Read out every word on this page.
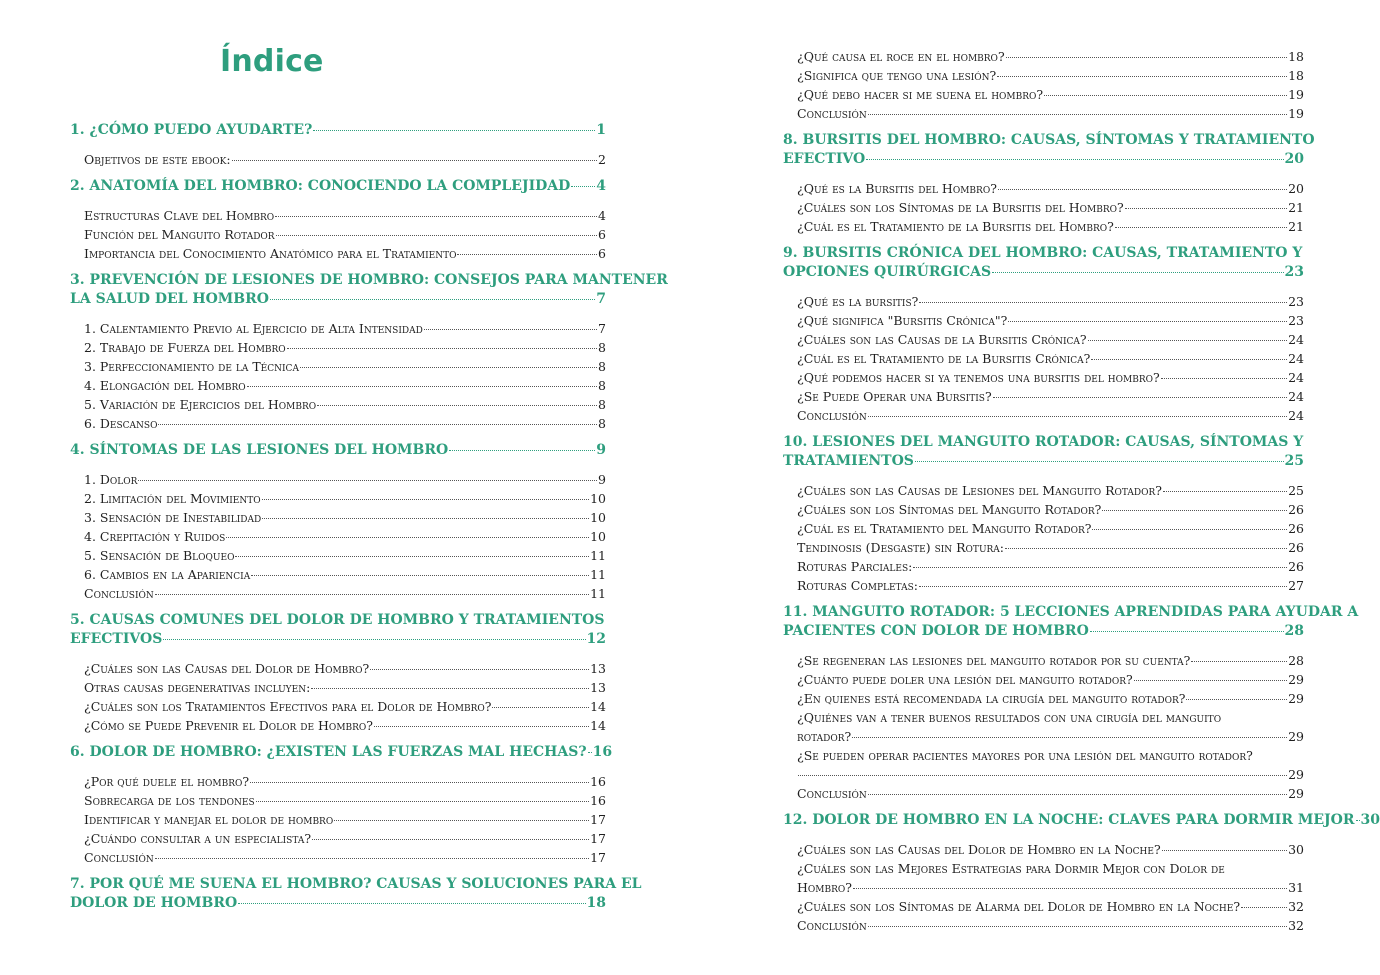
Índice
1. ¿CÓMO PUEDO AYUDARTE?	1
Objetivos de este ebook:	2
2. ANATOMÍA DEL HOMBRO: CONOCIENDO LA COMPLEJIDAD 4
Estructuras Clave del Hombro	4
Función del Manguito Rotador	6
Importancia del Conocimiento Anatómico para el Tratamiento	6
3. PREVENCIÓN DE LESIONES DE HOMBRO: CONSEJOS PARA MANTENER
LA SALUD DEL HOMBRO	7
1. Calentamiento Previo al Ejercicio de Alta Intensidad	7
2. Trabajo de Fuerza del Hombro	8
3. Perfeccionamiento de la Técnica	8
4. Elongación del Hombro	8
5. Variación de Ejercicios del Hombro	8
6. Descanso	8
4. SÍNTOMAS DE LAS LESIONES DEL HOMBRO	9
1. Dolor	9
2. Limitación del Movimiento	10
3. Sensación de Inestabilidad	10
4. Crepitación y Ruidos	10
5. Sensación de Bloqueo	11
6. Cambios en la Apariencia	11
Conclusión	11
5. CAUSAS COMUNES DEL DOLOR DE HOMBRO Y TRATAMIENTOS
EFECTIVOS	12
¿Cuáles son las Causas del Dolor de Hombro?	13
Otras causas degenerativas incluyen:	13
¿Cuáles son los Tratamientos Efectivos para el Dolor de Hombro?	14
¿Cómo se Puede Prevenir el Dolor de Hombro?	14
6. DOLOR DE HOMBRO: ¿EXISTEN LAS FUERZAS MAL HECHAS? 16
¿Por qué duele el hombro?	16
Sobrecarga de los tendones	16
Identificar y manejar el dolor de hombro	17
¿Cuándo consultar a un especialista?	17
Conclusión	17
7. POR QUÉ ME SUENA EL HOMBRO? CAUSAS Y SOLUCIONES PARA EL
DOLOR DE HOMBRO	18
¿Qué causa el roce en el hombro?	18
¿Significa que tengo una lesión?	18
¿Qué debo hacer si me suena el hombro?	19
Conclusión	19
8. BURSITIS DEL HOMBRO: CAUSAS, SÍNTOMAS Y TRATAMIENTO
EFECTIVO	20
¿Qué es la Bursitis del Hombro?	20
¿Cuáles son los Síntomas de la Bursitis del Hombro?	21
¿Cuál es el Tratamiento de la Bursitis del Hombro?	21
9. BURSITIS CRÓNICA DEL HOMBRO: CAUSAS, TRATAMIENTO Y
OPCIONES QUIRÚRGICAS	23
¿Qué es la bursitis?	23
¿Qué significa "Bursitis Crónica"?	23
¿Cuáles son las Causas de la Bursitis Crónica?	24
¿Cuál es el Tratamiento de la Bursitis Crónica?	24
¿Qué podemos hacer si ya tenemos una bursitis del hombro?	24
¿Se Puede Operar una Bursitis?	24
Conclusión	24
10. LESIONES DEL MANGUITO ROTADOR: CAUSAS, SÍNTOMAS Y
TRATAMIENTOS	25
¿Cuáles son las Causas de Lesiones del Manguito Rotador?	25
¿Cuáles son los Síntomas del Manguito Rotador?	26
¿Cuál es el Tratamiento del Manguito Rotador?	26
Tendinosis (Desgaste) sin Rotura:	26
Roturas Parciales:	26
Roturas Completas:	27
11. MANGUITO ROTADOR: 5 LECCIONES APRENDIDAS PARA AYUDAR A
PACIENTES CON DOLOR DE HOMBRO	28
¿Se regeneran las lesiones del manguito rotador por su cuenta?	28
¿Cuánto puede doler una lesión del manguito rotador?	29
¿En quienes está recomendada la cirugía del manguito rotador?	29
¿Quiénes van a tener buenos resultados con una cirugía del manguito
rotador?	29
¿Se pueden operar pacientes mayores por una lesión del manguito rotador?
29
Conclusión	29
12. DOLOR DE HOMBRO EN LA NOCHE: CLAVES PARA DORMIR MEJOR 30
¿Cuáles son las Causas del Dolor de Hombro en la Noche?	30
¿Cuáles son las Mejores Estrategias para Dormir Mejor con Dolor de
Hombro?	31
¿Cuáles son los Síntomas de Alarma del Dolor de Hombro en la Noche?	32
Conclusión	32
